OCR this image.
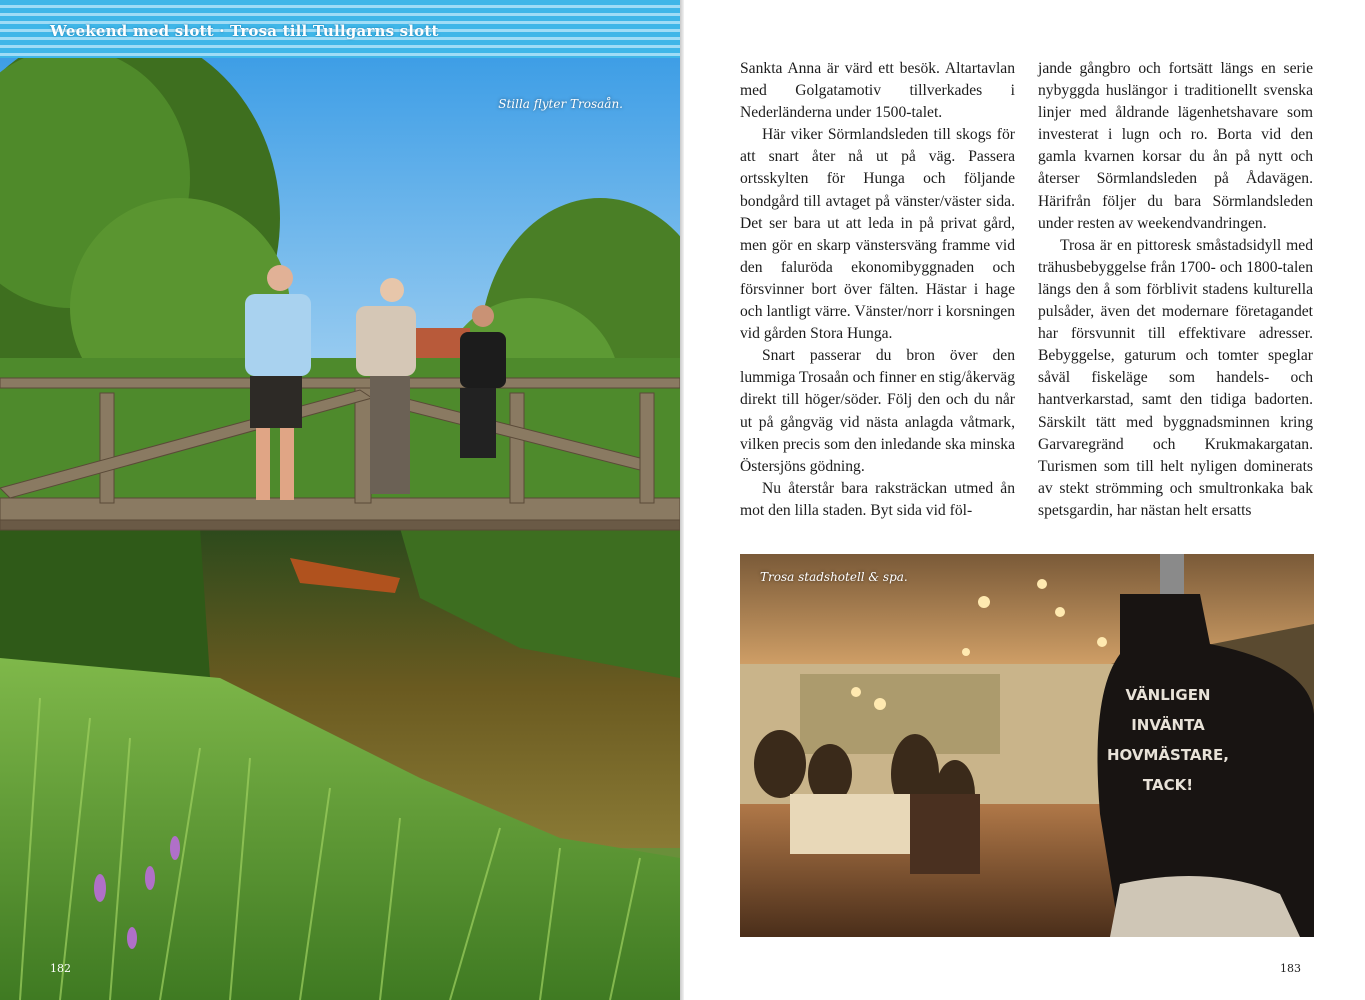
Weekend med slott · Trosa till Tullgarns slott
Stilla flyter Trosaån.
182

Sankta Anna är värd ett besök. Altartavlan med Golgatamotiv tillverkades i Nederländerna under 1500-talet.

Här viker Sörmlandsleden till skogs för att snart åter nå ut på väg. Passera ortsskylten för Hunga och följande bondgård till avtaget på vänster/väster sida. Det ser bara ut att leda in på privat gård, men gör en skarp vänstersväng framme vid den faluröda ekonomibyggnaden och försvinner bort över fälten. Hästar i hage och lantligt värre. Vänster/norr i korsningen vid gården Stora Hunga.

Snart passerar du bron över den lummiga Trosaån och finner en stig/åkerväg direkt till höger/söder. Följ den och du når ut på gångväg vid nästa anlagda våtmark, vilken precis som den inledande ska minska Östersjöns gödning.

Nu återstår bara raksträckan utmed ån mot den lilla staden. Byt sida vid föl-

jande gångbro och fortsätt längs en serie nybyggda huslängor i traditionellt svenska linjer med åldrande lägenhetshavare som investerat i lugn och ro. Borta vid den gamla kvarnen korsar du ån på nytt och återser Sörmlandsleden på Ådavägen. Härifrån följer du bara Sörmlandsleden under resten av weekendvandringen.

Trosa är en pittoresk småstadsidyll med trähusbebyggelse från 1700- och 1800-talen längs den å som förblivit stadens kulturella pulsåder, även det modernare företagandet har försvunnit till effektivare adresser. Bebyggelse, gaturum och tomter speglar såväl fiskeläge som handels- och hantverkarstad, samt den tidiga badorten. Särskilt tätt med byggnadsminnen kring Garvaregränd och Krukmakargatan. Turismen som till helt nyligen dominerats av stekt strömming och smultronkaka bak spetsgardin, har nästan helt ersatts

VÄNLIGEN
INVÄNTA
HOVMÄSTARE,
TACK!
Trosa stadshotell & spa.
183
